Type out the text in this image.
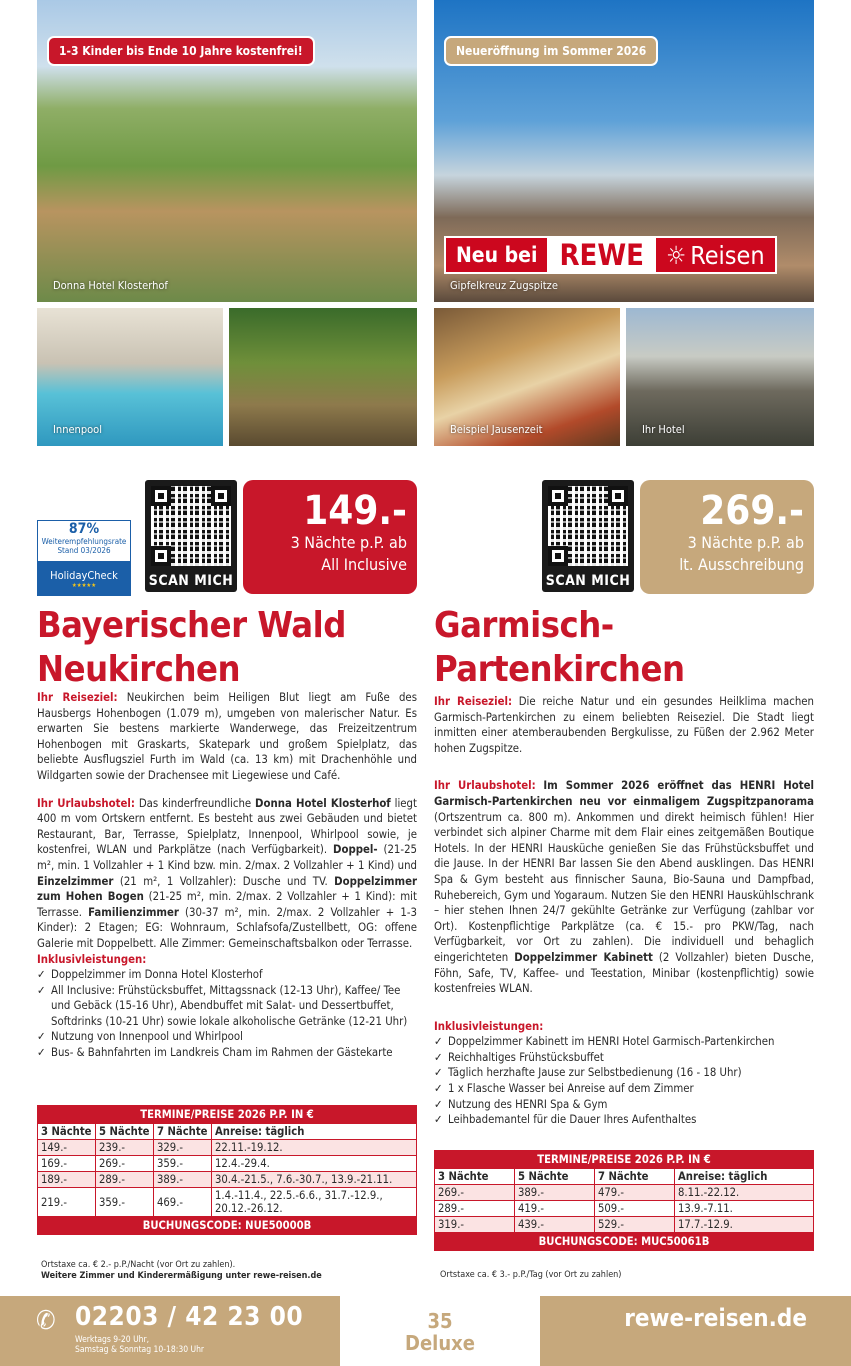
1-3 Kinder bis Ende 10 Jahre kostenfrei!
Donna Hotel Klosterhof
Neueröffnung im Sommer 2026
Neu bei REWE ☼ Reisen
Gipfelkreuz Zugspitze
Innenpool	Beispiel Jausenzeit	Ihr Hotel
87%
Weiterempfehlungsrate
Stand 03/2026
HolidayCheck
★★★★★	SCAN MICH	SCAN MICH
149.-
3 Nächte p.P. ab
All Inclusive
269.-
3 Nächte p.P. ab
lt. Ausschreibung
Bayerischer Wald
Neukirchen
Garmisch-
Partenkirchen

Ihr Reiseziel: Neukirchen beim Heiligen Blut liegt am Fuße des Hausbergs Hohenbogen (1.079 m), umgeben von malerischer Natur. Es erwarten Sie bestens markierte Wanderwege, das Freizeitzentrum Hohenbogen mit Graskarts, Skatepark und großem Spielplatz, das beliebte Ausflugsziel Furth im Wald (ca. 13 km) mit Drachenhöhle und Wildgarten sowie der Drachensee mit Liegewiese und Café.

Ihr Urlaubshotel: Das kinderfreundliche Donna Hotel Klosterhof liegt 400 m vom Ortskern entfernt. Es besteht aus zwei Gebäuden und bietet Restaurant, Bar, Terrasse, Spielplatz, Innenpool, Whirlpool sowie, je kostenfrei, WLAN und Parkplätze (nach Verfügbarkeit). Doppel- (21-25 m², min. 1 Vollzahler + 1 Kind bzw. min. 2/max. 2 Vollzahler + 1 Kind) und Einzelzimmer (21 m², 1 Vollzahler): Dusche und TV. Doppelzimmer zum Hohen Bogen (21-25 m², min. 2/max. 2 Vollzahler + 1 Kind): mit Terrasse. Familienzimmer (30-37 m², min. 2/max. 2 Vollzahler + 1-3 Kinder): 2 Etagen; EG: Wohnraum, Schlafsofa/Zustellbett, OG: offene Galerie mit Doppelbett. Alle Zimmer: Gemeinschaftsbalkon oder Terrasse.

Inklusivleistungen:

✓ Doppelzimmer im Donna Hotel Klosterhof
✓ All Inclusive: Frühstücksbuffet, Mittagssnack (12-13 Uhr), Kaffee/ Tee und Gebäck (15-16 Uhr), Abendbuffet mit Salat- und Dessertbuffet, Softdrinks (10-21 Uhr) sowie lokale alkoholische Getränke (12-21 Uhr)
✓ Nutzung von Innenpool und Whirlpool
✓ Bus- & Bahnfahrten im Landkreis Cham im Rahmen der Gästekarte
TERMINE/PREISE 2026 P.P. IN €			
3 Nächte	5 Nächte	7 Nächte	Anreise: täglich
149.-	239.-	329.-	22.11.-19.12.
169.-	269.-	359.-	12.4.-29.4.
189.-	289.-	389.-	30.4.-21.5., 7.6.-30.7., 13.9.-21.11.
219.-	359.-	469.-	1.4.-11.4., 22.5.-6.6., 31.7.-12.9., 20.12.-26.12.
BUCHUNGSCODE: NUE50000B			
Ortstaxe ca. € 2.- p.P./Nacht (vor Ort zu zahlen).
Weitere Zimmer und Kinderermäßigung unter rewe-reisen.de

Ihr Reiseziel: Die reiche Natur und ein gesundes Heilklima machen Garmisch-Partenkirchen zu einem beliebten Reiseziel. Die Stadt liegt inmitten einer atemberaubenden Bergkulisse, zu Füßen der 2.962 Meter hohen Zugspitze.

Ihr Urlaubshotel: Im Sommer 2026 eröffnet das HENRI Hotel Garmisch-Partenkirchen neu vor einmaligem Zugspitzpanorama (Ortszentrum ca. 800 m). Ankommen und direkt heimisch fühlen! Hier verbindet sich alpiner Charme mit dem Flair eines zeitgemäßen Boutique Hotels. In der HENRI Hausküche genießen Sie das Frühstücksbuffet und die Jause. In der HENRI Bar lassen Sie den Abend ausklingen. Das HENRI Spa & Gym besteht aus finnischer Sauna, Bio-Sauna und Dampfbad, Ruhebereich, Gym und Yogaraum. Nutzen Sie den HENRI Hauskühlschrank – hier stehen Ihnen 24/7 gekühlte Getränke zur Verfügung (zahlbar vor Ort). Kostenpflichtige Parkplätze (ca. € 15.- pro PKW/Tag, nach Verfügbarkeit, vor Ort zu zahlen). Die individuell und behaglich eingerichteten Doppelzimmer Kabinett (2 Vollzahler) bieten Dusche, Föhn, Safe, TV, Kaffee- und Teestation, Minibar (kostenpflichtig) sowie kostenfreies WLAN.

Inklusivleistungen:

✓ Doppelzimmer Kabinett im HENRI Hotel Garmisch-Partenkirchen
✓ Reichhaltiges Frühstücksbuffet
✓ Täglich herzhafte Jause zur Selbstbedienung (16 - 18 Uhr)
✓ 1 x Flasche Wasser bei Anreise auf dem Zimmer
✓ Nutzung des HENRI Spa & Gym
✓ Leihbademantel für die Dauer Ihres Aufenthaltes
TERMINE/PREISE 2026 P.P. IN €			
3 Nächte	5 Nächte	7 Nächte	Anreise: täglich
269.-	389.-	479.-	8.11.-22.12.
289.-	419.-	509.-	13.9.-7.11.
319.-	439.-	529.-	17.7.-12.9.
BUCHUNGSCODE: MUC50061B			
Ortstaxe ca. € 3.- p.P./Tag (vor Ort zu zahlen)
✆ 02203 / 42 23 00
Werktags 9-20 Uhr,
Samstag & Sonntag 10-18:30 Uhr
35
Deluxe
rewe-reisen.de
